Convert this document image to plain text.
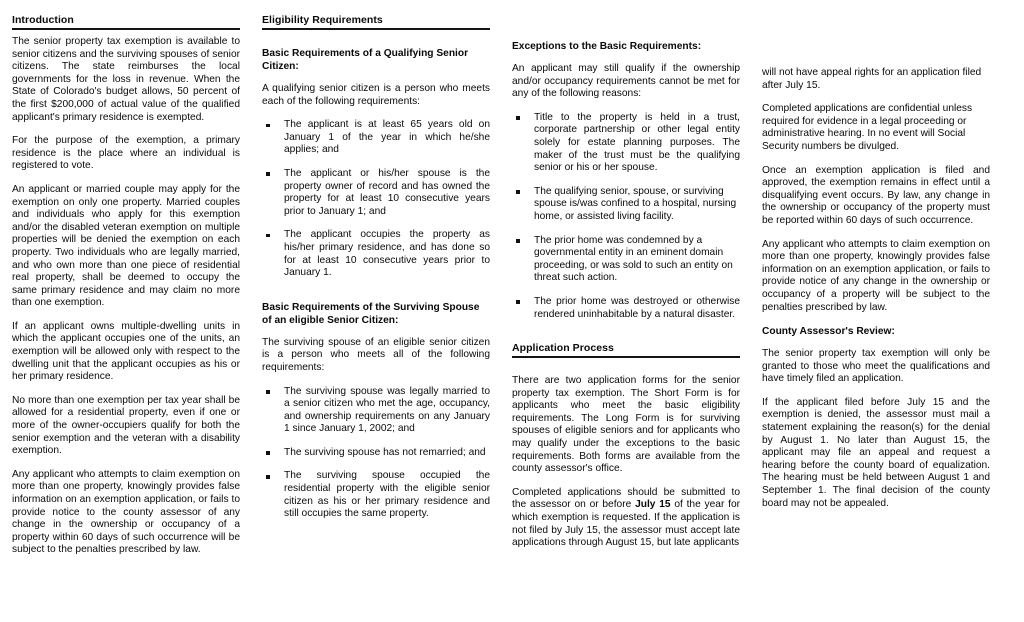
Introduction

The senior property tax exemption is available to senior citizens and the surviving spouses of senior citizens. The state reimburses the local governments for the loss in revenue. When the State of Colorado's budget allows, 50 percent of the first $200,000 of actual value of the qualified applicant's primary residence is exempted.

For the purpose of the exemption, a primary residence is the place where an individual is registered to vote.

An applicant or married couple may apply for the exemption on only one property. Married couples and individuals who apply for this exemption and/or the disabled veteran exemption on multiple properties will be denied the exemption on each property. Two individuals who are legally married, and who own more than one piece of residential real property, shall be deemed to occupy the same primary residence and may claim no more than one exemption.

If an applicant owns multiple-dwelling units in which the applicant occupies one of the units, an exemption will be allowed only with respect to the dwelling unit that the applicant occupies as his or her primary residence.

No more than one exemption per tax year shall be allowed for a residential property, even if one or more of the owner-occupiers qualify for both the senior exemption and the veteran with a disability exemption.

Any applicant who attempts to claim exemption on more than one property, knowingly provides false information on an exemption application, or fails to provide notice to the county assessor of any change in the ownership or occupancy of a property within 60 days of such occurrence will be subject to the penalties prescribed by law.

Eligibility Requirements
Basic Requirements of a Qualifying Senior Citizen:

A qualifying senior citizen is a person who meets each of the following requirements:

The applicant is at least 65 years old on January 1 of the year in which he/she applies; and
The applicant or his/her spouse is the property owner of record and has owned the property for at least 10 consecutive years prior to January 1; and
The applicant occupies the property as his/her primary residence, and has done so for at least 10 consecutive years prior to January 1.
Basic Requirements of the Surviving Spouse of an eligible Senior Citizen:

The surviving spouse of an eligible senior citizen is a person who meets all of the following requirements:

The surviving spouse was legally married to a senior citizen who met the age, occupancy, and ownership requirements on any January 1 since January 1, 2002; and
The surviving spouse has not remarried; and
The surviving spouse occupied the residential property with the eligible senior citizen as his or her primary residence and still occupies the same property.
Exceptions to the Basic Requirements:

An applicant may still qualify if the ownership and/or occupancy requirements cannot be met for any of the following reasons:

Title to the property is held in a trust, corporate partnership or other legal entity solely for estate planning purposes. The maker of the trust must be the qualifying senior or his or her spouse.
The qualifying senior, spouse, or surviving spouse is/was confined to a hospital, nursing home, or assisted living facility.
The prior home was condemned by a governmental entity in an eminent domain proceeding, or was sold to such an entity on threat such action.
The prior home was destroyed or otherwise rendered uninhabitable by a natural disaster.
Application Process

There are two application forms for the senior property tax exemption. The Short Form is for applicants who meet the basic eligibility requirements. The Long Form is for surviving spouses of eligible seniors and for applicants who may qualify under the exceptions to the basic requirements. Both forms are available from the county assessor's office.

Completed applications should be submitted to the assessor on or before July 15 of the year for which exemption is requested. If the application is not filed by July 15, the assessor must accept late applications through August 15, but late applicants

will not have appeal rights for an application filed after July 15.

Completed applications are confidential unless required for evidence in a legal proceeding or administrative hearing. In no event will Social Security numbers be divulged.

Once an exemption application is filed and approved, the exemption remains in effect until a disqualifying event occurs. By law, any change in the ownership or occupancy of the property must be reported within 60 days of such occurrence.

Any applicant who attempts to claim exemption on more than one property, knowingly provides false information on an exemption application, or fails to provide notice of any change in the ownership or occupancy of a property will be subject to the penalties prescribed by law.

County Assessor's Review:

The senior property tax exemption will only be granted to those who meet the qualifications and have timely filed an application.

If the applicant filed before July 15 and the exemption is denied, the assessor must mail a statement explaining the reason(s) for the denial by August 1. No later than August 15, the applicant may file an appeal and request a hearing before the county board of equalization. The hearing must be held between August 1 and September 1. The final decision of the county board may not be appealed.
